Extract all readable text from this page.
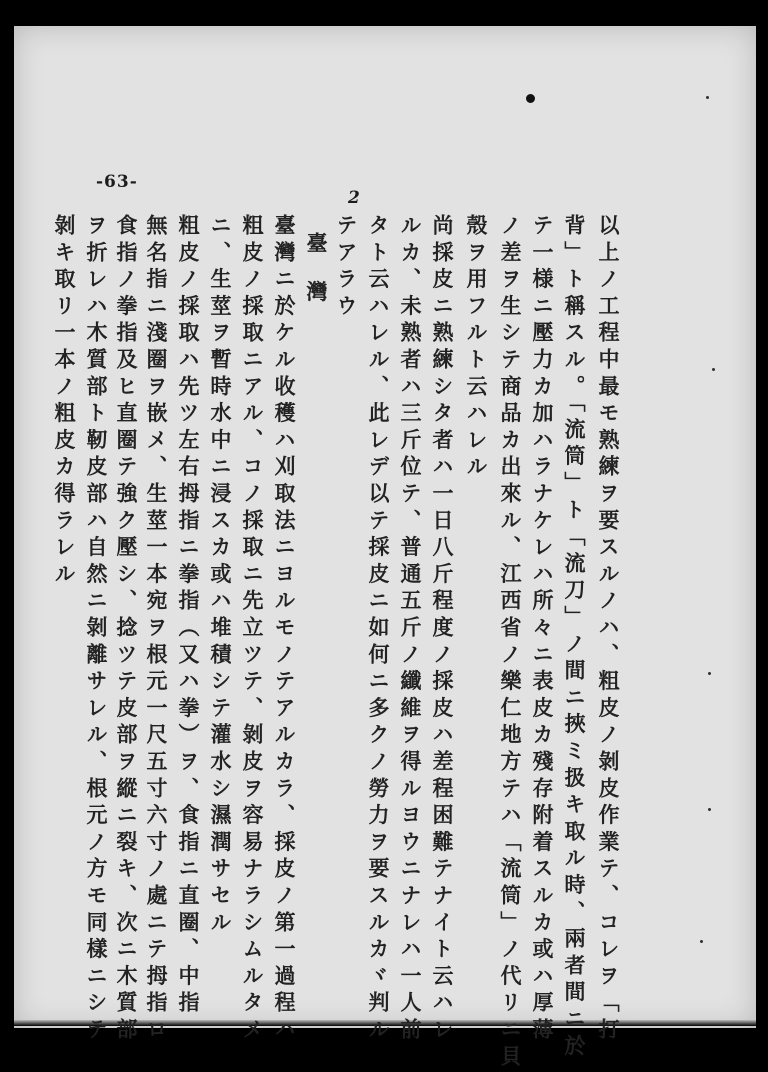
-63-
2
以上ノ工程中最モ熟練ヲ要スルノハ、粗皮ノ剝皮作業テ、コレヲ「打
背」ト稱スル。「流筒」ト「流刀」ノ間ニ挾ミ扱キ取ル時、兩者間ニ於
テ一様ニ壓力カ加ハラナケレハ所々ニ表皮カ殘存附着スルカ或ハ厚薄
ノ差ヲ生シテ商品カ出來ル、江西省ノ樂仁地方テハ「流筒」ノ代リニ貝
殼ヲ用フルト云ハレル
尚採皮ニ熟練シタ者ハ一日八斤程度ノ採皮ハ差程困難テナイト云ハレ
ルカ、未熟者ハ三斤位テ、普通五斤ノ纖維ヲ得ルヨウニナレハ一人前
タト云ハレル、此レデ以テ採皮ニ如何ニ多クノ勞力ヲ要スルカヾ判ル
テアラウ
臺 灣
臺灣ニ於ケル收穫ハ刈取法ニヨルモノテアルカラ、採皮ノ第一過程ハ
粗皮ノ採取ニアル、コノ採取ニ先立ツテ、剝皮ヲ容易ナラシムルタメ
ニ、生莖ヲ暫時水中ニ浸スカ或ハ堆積シテ灌水シ濕潤サセル
粗皮ノ採取ハ先ツ左右拇指ニ拳指（又ハ拳）ヲ、食指ニ直圈、中指
無名指ニ淺圈ヲ嵌メ、生莖一本宛ヲ根元一尺五寸六寸ノ處ニテ拇指ロ
食指ノ拳指及ヒ直圈テ強ク壓シ、捻ツテ皮部ヲ縱ニ裂キ、次ニ木質部
ヲ折レハ木質部ト靭皮部ハ自然ニ剝離サレル、根元ノ方モ同樣ニシテ
剝キ取リ一本ノ粗皮カ得ラレル
